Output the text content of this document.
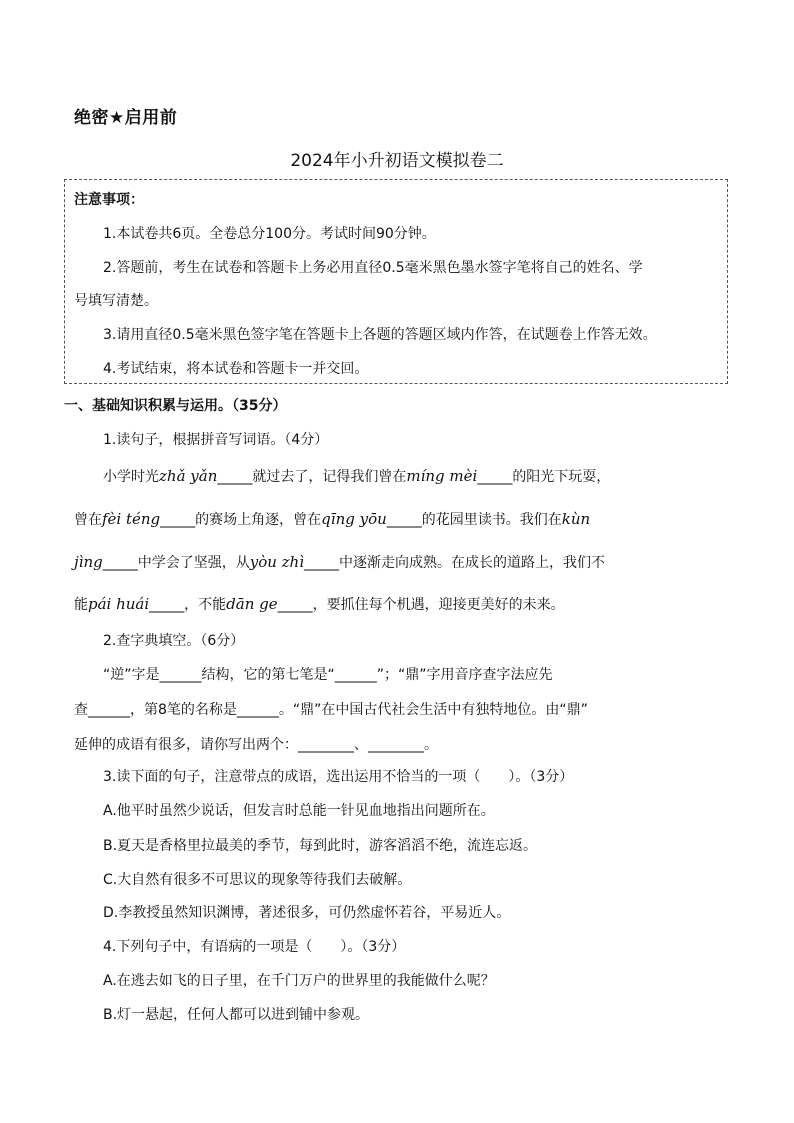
绝密★启用前
2024年小升初语文模拟卷二
注意事项：
1.本试卷共6页。全卷总分100分。考试时间90分钟。
2.答题前，考生在试卷和答题卡上务必用直径0.5毫米黑色墨水签字笔将自己的姓名、学
号填写清楚。
3.请用直径0.5毫米黑色签字笔在答题卡上各题的答题区域内作答，在试题卷上作答无效。
4.考试结束，将本试卷和答题卡一并交回。
一、基础知识积累与运用。（35分）
1.读句子，根据拼音写词语。（4分）
小学时光zhǎ yǎn_____就过去了，记得我们曾在míng mèi_____的阳光下玩耍，
曾在fèi téng_____的赛场上角逐，曾在qīng yōu_____的花园里读书。我们在kùn
jìng_____中学会了坚强，从yòu zhì_____中逐渐走向成熟。在成长的道路上，我们不
能pái huái_____，不能dān ge_____，要抓住每个机遇，迎接更美好的未来。
2.查字典填空。（6分）
“逆”字是______结构，它的第七笔是“______”；“鼎”字用音序查字法应先
查______，第8笔的名称是______。“鼎”在中国古代社会生活中有独特地位。由“鼎”
延伸的成语有很多，请你写出两个：________、________。
3.读下面的句子，注意带点的成语，选出运用不恰当的一项（　　）。（3分）
A.他平时虽然少说话，但发言时总能一针见血地指出问题所在。
B.夏天是香格里拉最美的季节，每到此时，游客滔滔不绝，流连忘返。
C.大自然有很多不可思议的现象等待我们去破解。
D.李教授虽然知识渊博，著述很多，可仍然虚怀若谷，平易近人。
4.下列句子中，有语病的一项是（　　）。（3分）
A.在逃去如飞的日子里，在千门万户的世界里的我能做什么呢？
B.灯一悬起，任何人都可以进到铺中参观。
